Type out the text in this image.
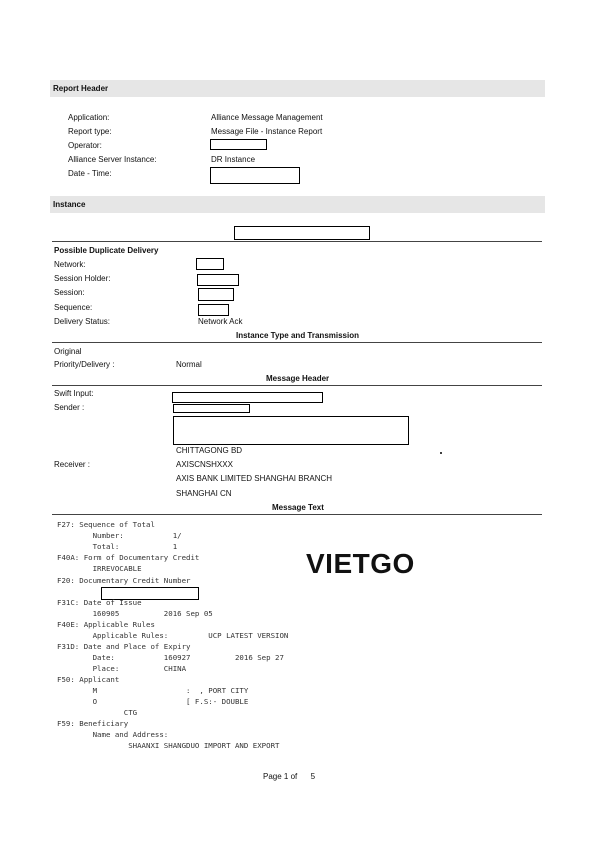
Report Header
Application:	Alliance Message Management
Report type:	Message File - Instance Report
Operator:
Alliance Server Instance:	DR Instance
Date - Time:
Instance
Possible Duplicate Delivery
Network:
Session Holder:
Session:
Sequence:
Delivery Status:	Network Ack
Instance Type and Transmission
Original
Priority/Delivery :	Normal
Message Header
Swift Input:
Sender :
CHITTAGONG BD
Receiver :	AXISCNSHXXX
AXIS BANK LIMITED SHANGHAI BRANCH
SHANGHAI CN
Message Text
F27: Sequence of Total
Number:           1/
Total:            1
F40A: Form of Documentary Credit
IRREVOCABLE
F20: Documentary Credit Number
F31C: Date of Issue
160905          2016 Sep 05
F40E: Applicable Rules
Applicable Rules:         UCP LATEST VERSION
F31D: Date and Place of Expiry
Date:           160927          2016 Sep 27
Place:          CHINA
F50: Applicant
M                    :  , PORT CITY
O                    [ F.S:- DOUBLE
CTG
F59: Beneficiary
Name and Address:
SHAANXI SHANGDUO IMPORT AND EXPORT
VIETGO
Page 1 of 5
